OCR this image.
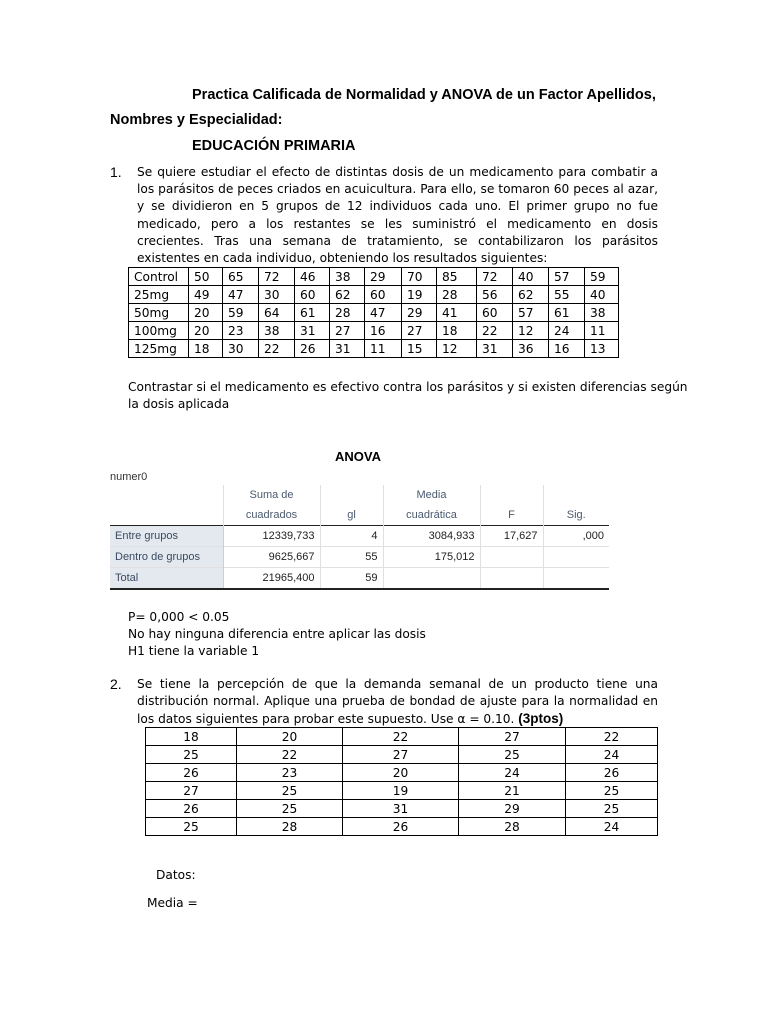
Practica Calificada de Normalidad y ANOVA de un Factor Apellidos,
Nombres y Especialidad:
EDUCACIÓN PRIMARIA
1. Se quiere estudiar el efecto de distintas dosis de un medicamento para combatir a los parásitos de peces criados en acuicultura. Para ello, se tomaron 60 peces al azar, y se dividieron en 5 grupos de 12 individuos cada uno. El primer grupo no fue medicado, pero a los restantes se les suministró el medicamento en dosis crecientes. Tras una semana de tratamiento, se contabilizaron los parásitos existentes en cada individuo, obteniendo los resultados siguientes:
Control	50	65	72	46	38	29	70	85	72	40	57	59
25mg	49	47	30	60	62	60	19	28	56	62	55	40
50mg	20	59	64	61	28	47	29	41	60	57	61	38
100mg	20	23	38	31	27	16	27	18	22	12	24	11
125mg	18	30	22	26	31	11	15	12	31	36	16	13
Contrastar si el medicamento es efectivo contra los parásitos y si existen diferencias según
la dosis aplicada
ANOVA
numer0
	Suma de		Media		
	cuadrados	gl	cuadrática	F	Sig.
Entre grupos	12339,733	4	3084,933	17,627	,000
Dentro de grupos	9625,667	55	175,012		
Total	21965,400	59			
P= 0,000 < 0.05
No hay ninguna diferencia entre aplicar las dosis
H1 tiene la variable 1
2. Se tiene la percepción de que la demanda semanal de un producto tiene una distribución normal. Aplique una prueba de bondad de ajuste para la normalidad en los datos siguientes para probar este supuesto. Use α = 0.10. (3ptos)
18	20	22	27	22
25	22	27	25	24
26	23	20	24	26
27	25	19	21	25
26	25	31	29	25
25	28	26	28	24
Datos:
Media =
